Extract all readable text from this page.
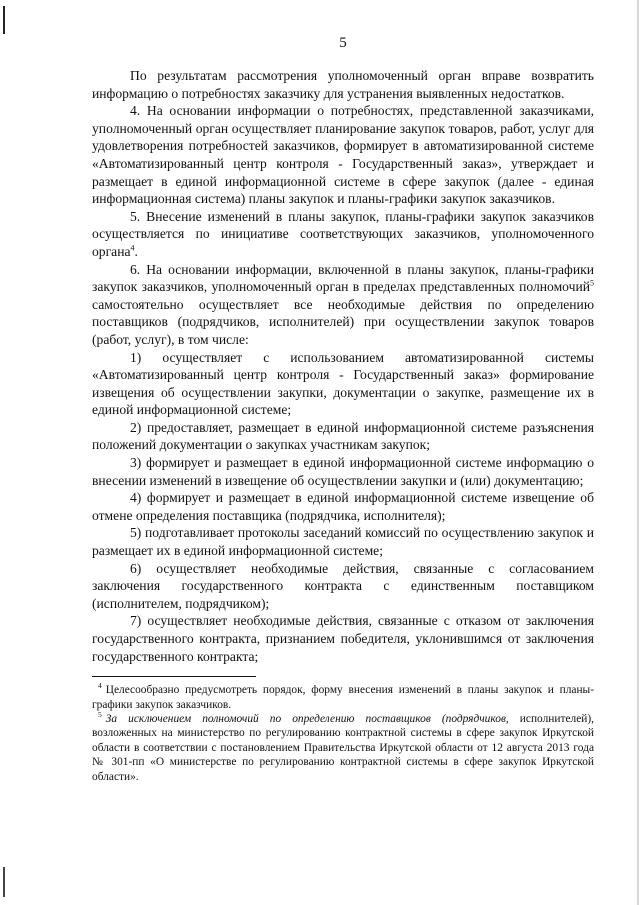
5

По результатам рассмотрения уполномоченный орган вправе возвратить информацию о потребностях заказчику для устранения выявленных недостатков.

4. На основании информации о потребностях, представленной заказчиками, уполномоченный орган осуществляет планирование закупок товаров, работ, услуг для удовлетворения потребностей заказчиков, формирует в автоматизированной системе «Автоматизированный центр контроля - Государственный заказ», утверждает и размещает в единой информационной системе в сфере закупок (далее - единая информационная система) планы закупок и планы-графики закупок заказчиков.

5. Внесение изменений в планы закупок, планы-графики закупок заказчиков осуществляется по инициативе соответствующих заказчиков, уполномоченного органа$^4$.

6. На основании информации, включенной в планы закупок, планы-графики закупок заказчиков, уполномоченный орган в пределах представленных полномочий$^5$ самостоятельно осуществляет все необходимые действия по определению поставщиков (подрядчиков, исполнителей) при осуществлении закупок товаров (работ, услуг), в том числе:

1) осуществляет с использованием автоматизированной системы «Автоматизированный центр контроля - Государственный заказ» формирование извещения об осуществлении закупки, документации о закупке, размещение их в единой информационной системе;

2) предоставляет, размещает в единой информационной системе разъяснения положений документации о закупках участникам закупок;

3) формирует и размещает в единой информационной системе информацию о внесении изменений в извещение об осуществлении закупки и (или) документацию;

4) формирует и размещает в единой информационной системе извещение об отмене определения поставщика (подрядчика, исполнителя);

5) подготавливает протоколы заседаний комиссий по осуществлению закупок и размещает их в единой информационной системе;

6) осуществляет необходимые действия, связанные с согласованием заключения государственного контракта с единственным поставщиком (исполнителем, подрядчиком);

7) осуществляет необходимые действия, связанные с отказом от заключения государственного контракта, признанием победителя, уклонившимся от заключения государственного контракта;

$^4$ Целесообразно предусмотреть порядок, форму внесения изменений в планы закупок и планы-графики закупок заказчиков.

$^5$ За исключением полномочий по определению поставщиков (подрядчиков, исполнителей), возложенных на министерство по регулированию контрактной системы в сфере закупок Иркутской области в соответствии с постановлением Правительства Иркутской области от 12 августа 2013 года № 301-пп «О министерстве по регулированию контрактной системы в сфере закупок Иркутской области».
